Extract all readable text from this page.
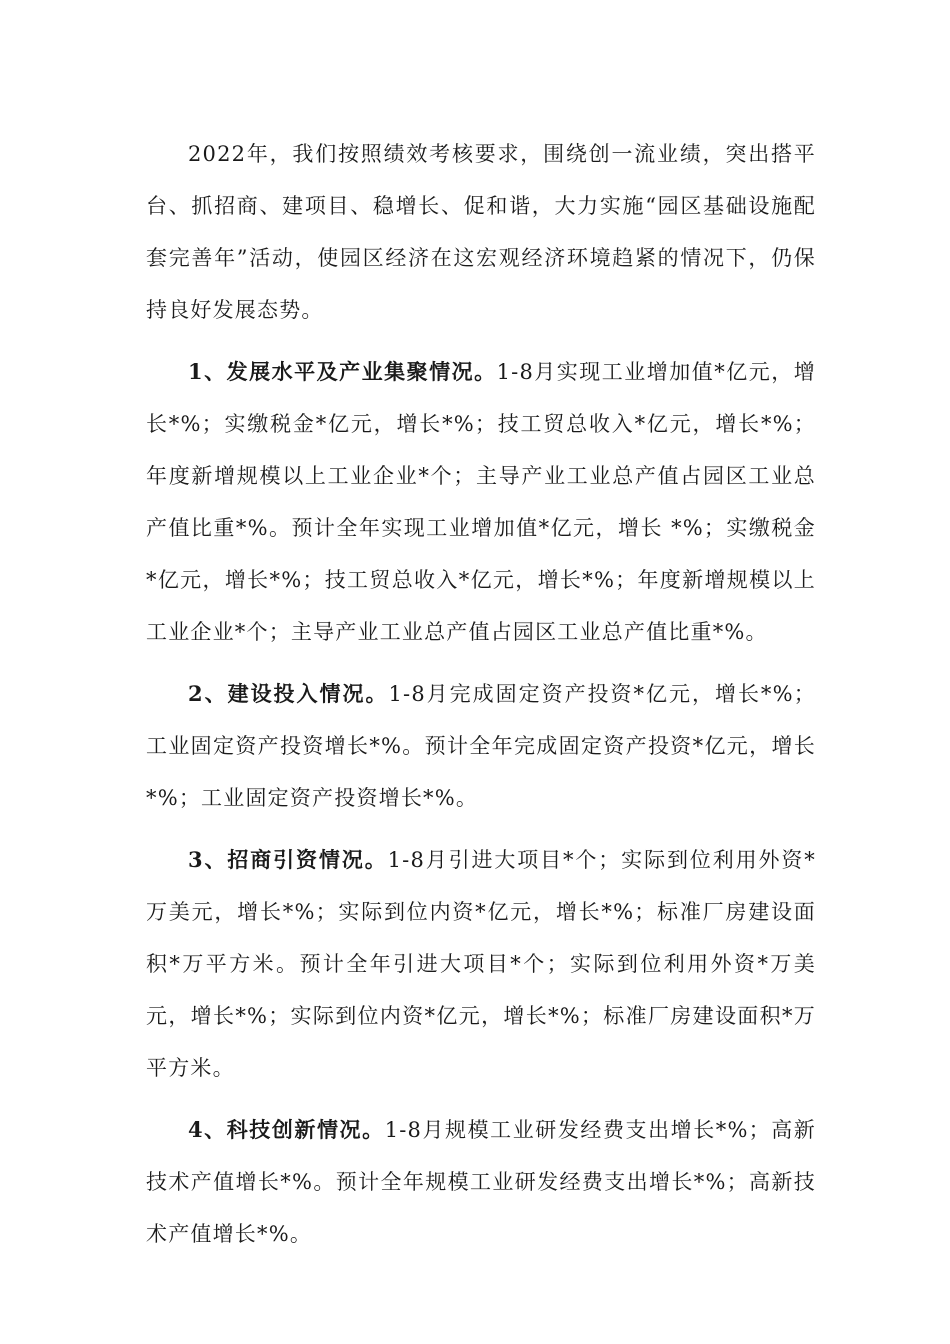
2022年，我们按照绩效考核要求，围绕创一流业绩，突出搭平台、抓招商、建项目、稳增长、促和谐，大力实施“园区基础设施配套完善年”活动，使园区经济在这宏观经济环境趋紧的情况下，仍保持良好发展态势。

1、发展水平及产业集聚情况。1-8月实现工业增加值*亿元，增长*%；实缴税金*亿元，增长*%；技工贸总收入*亿元，增长*%；年度新增规模以上工业企业*个；主导产业工业总产值占园区工业总产值比重*%。预计全年实现工业增加值*亿元，增长 *%；实缴税金*亿元，增长*%；技工贸总收入*亿元，增长*%；年度新增规模以上工业企业*个；主导产业工业总产值占园区工业总产值比重*%。

2、建设投入情况。1-8月完成固定资产投资*亿元，增长*%；工业固定资产投资增长*%。预计全年完成固定资产投资*亿元，增长*%；工业固定资产投资增长*%。

3、招商引资情况。1-8月引进大项目*个；实际到位利用外资*万美元，增长*%；实际到位内资*亿元，增长*%；标准厂房建设面积*万平方米。预计全年引进大项目*个；实际到位利用外资*万美元，增长*%；实际到位内资*亿元，增长*%；标准厂房建设面积*万平方米。

4、科技创新情况。1-8月规模工业研发经费支出增长*%；高新技术产值增长*%。预计全年规模工业研发经费支出增长*%；高新技术产值增长*%。
